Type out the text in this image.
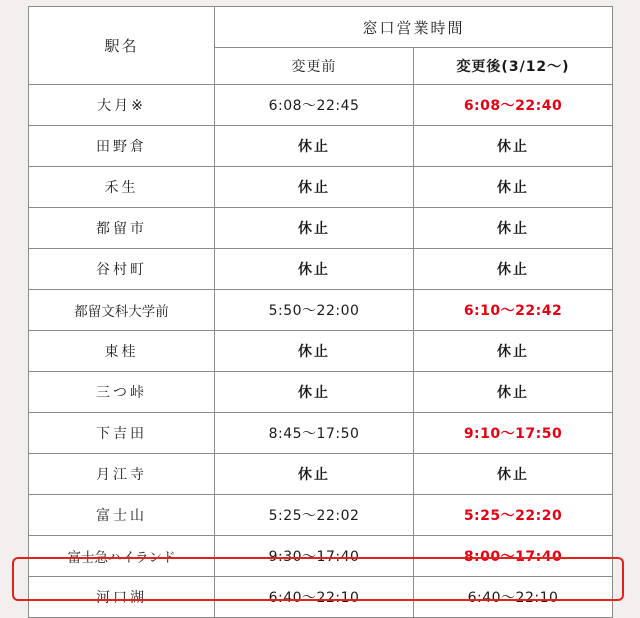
駅名	窓口営業時間	
	変更前	変更後(3/12〜)
大月※	6:08〜22:45	6:08〜22:40
田野倉	休止	休止
禾生	休止	休止
都留市	休止	休止
谷村町	休止	休止
都留文科大学前	5:50〜22:00	6:10〜22:42
東桂	休止	休止
三つ峠	休止	休止
下吉田	8:45〜17:50	9:10〜17:50
月江寺	休止	休止
富士山	5:25〜22:02	5:25〜22:20
富士急ハイランド	9:30〜17:40	8:00〜17:40
河口湖	6:40〜22:10	6:40〜22:10
